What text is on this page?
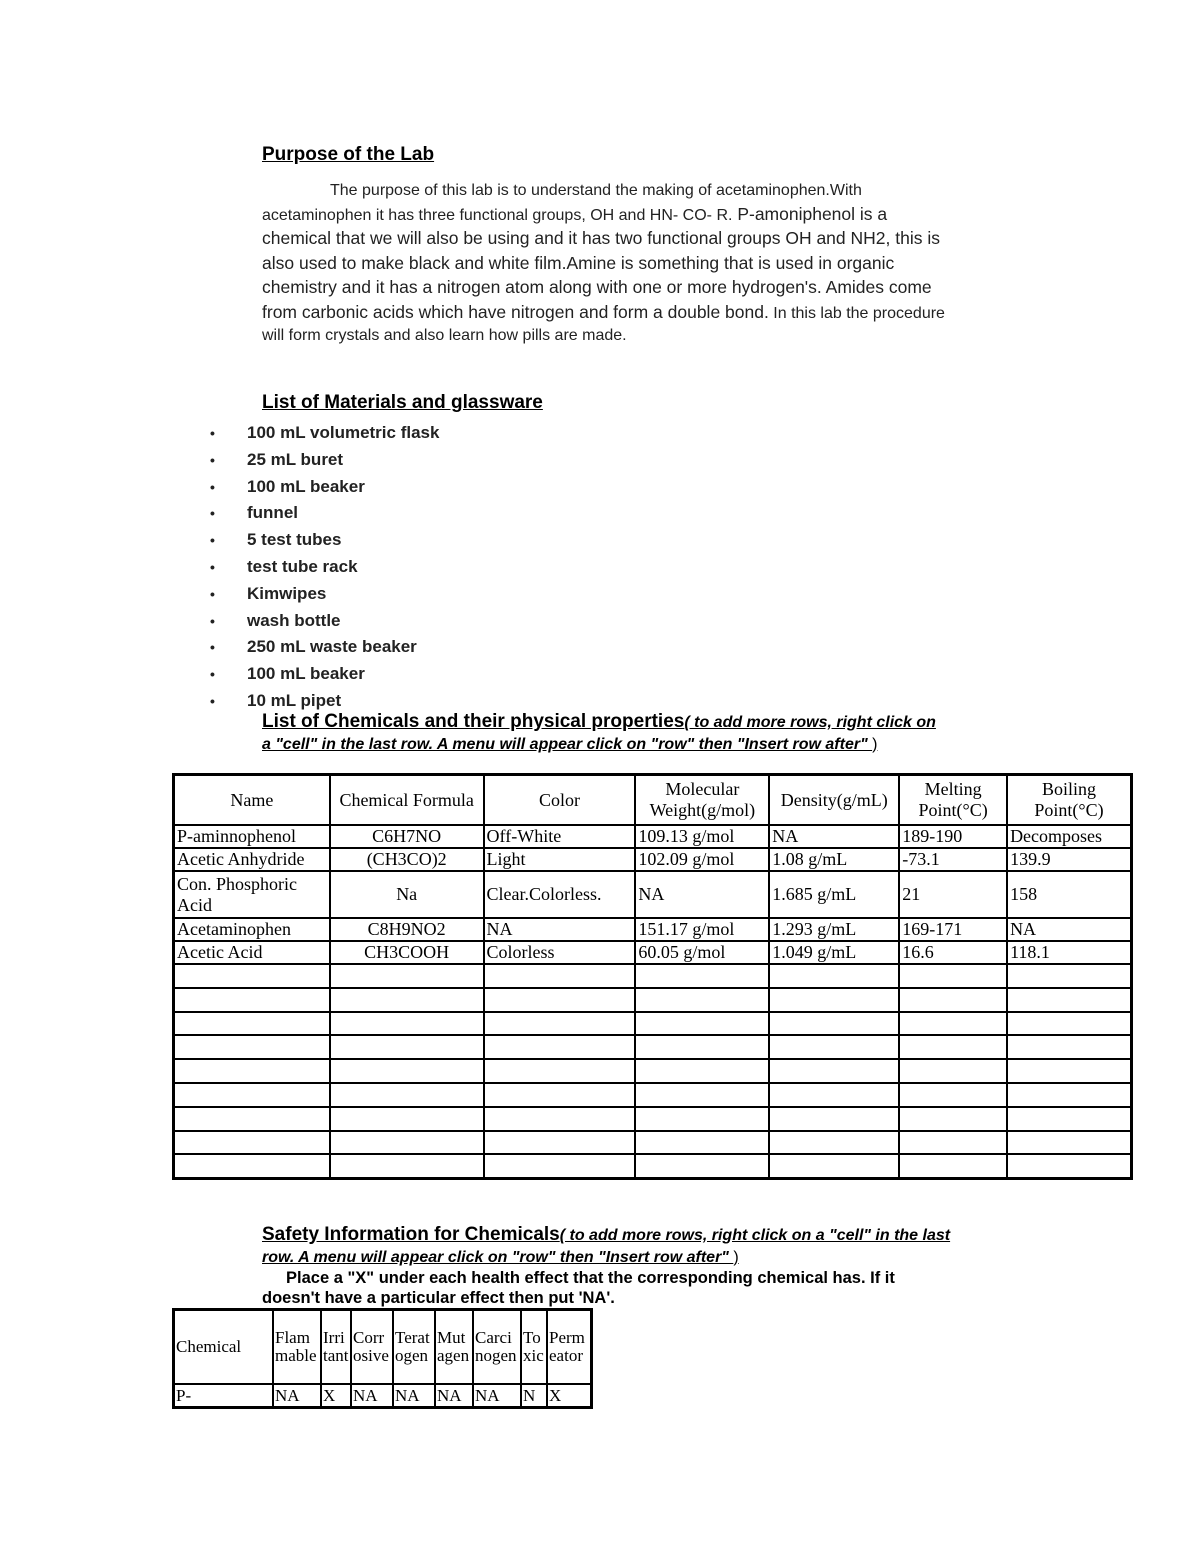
Purpose of the Lab

The purpose of this lab is to understand the making of acetaminophen.With acetaminophen it has three functional groups, OH and HN- CO- R. P-amoniphenol is a chemical that we will also be using and it has two functional groups OH and NH2, this is also used to make black and white film.Amine is something that is used in organic chemistry and it has a nitrogen atom along with one or more hydrogen's. Amides come from carbonic acids which have nitrogen and form a double bond. In this lab the procedure will form crystals and also learn how pills are made.

List of Materials and glassware
• 100 mL volumetric flask
• 25 mL buret
• 100 mL beaker
• funnel
• 5 test tubes
• test tube rack
• Kimwipes
• wash bottle
• 250 mL waste beaker
• 100 mL beaker
• 10 mL pipet
List of Chemicals and their physical properties( to add more rows, right click on a "cell" in the last row. A menu will appear click on "row" then "Insert row after" )
Name	Chemical Formula	Color	Molecular Weight(g/mol)	Density(g/mL)	Melting Point(°C)	Boiling Point(°C)
P-aminnophenol	C6H7NO	Off-White	109.13 g/mol	NA	189-190	Decomposes
Acetic Anhydride	(CH3CO)2	Light	102.09 g/mol	1.08 g/mL	-73.1	139.9
Con. Phosphoric Acid	Na	Clear.Colorless.	NA	1.685 g/mL	21	158
Acetaminophen	C8H9NO2	NA	151.17 g/mol	1.293 g/mL	169-171	NA
Acetic Acid	CH3COOH	Colorless	60.05 g/mol	1.049 g/mL	16.6	118.1

Safety Information for Chemicals( to add more rows, right click on a "cell" in the last row. A menu will appear click on "row" then "Insert row after" )

Place a "X" under each health effect that the corresponding chemical has. If it doesn't have a particular effect then put 'NA'.

Chemical	Flammable	Irritant	Corrosive	Teratogen	Mutagen	Carcinogen	Toxic	Permeator
P-	NA	X	NA	NA	NA	NA	N	X
